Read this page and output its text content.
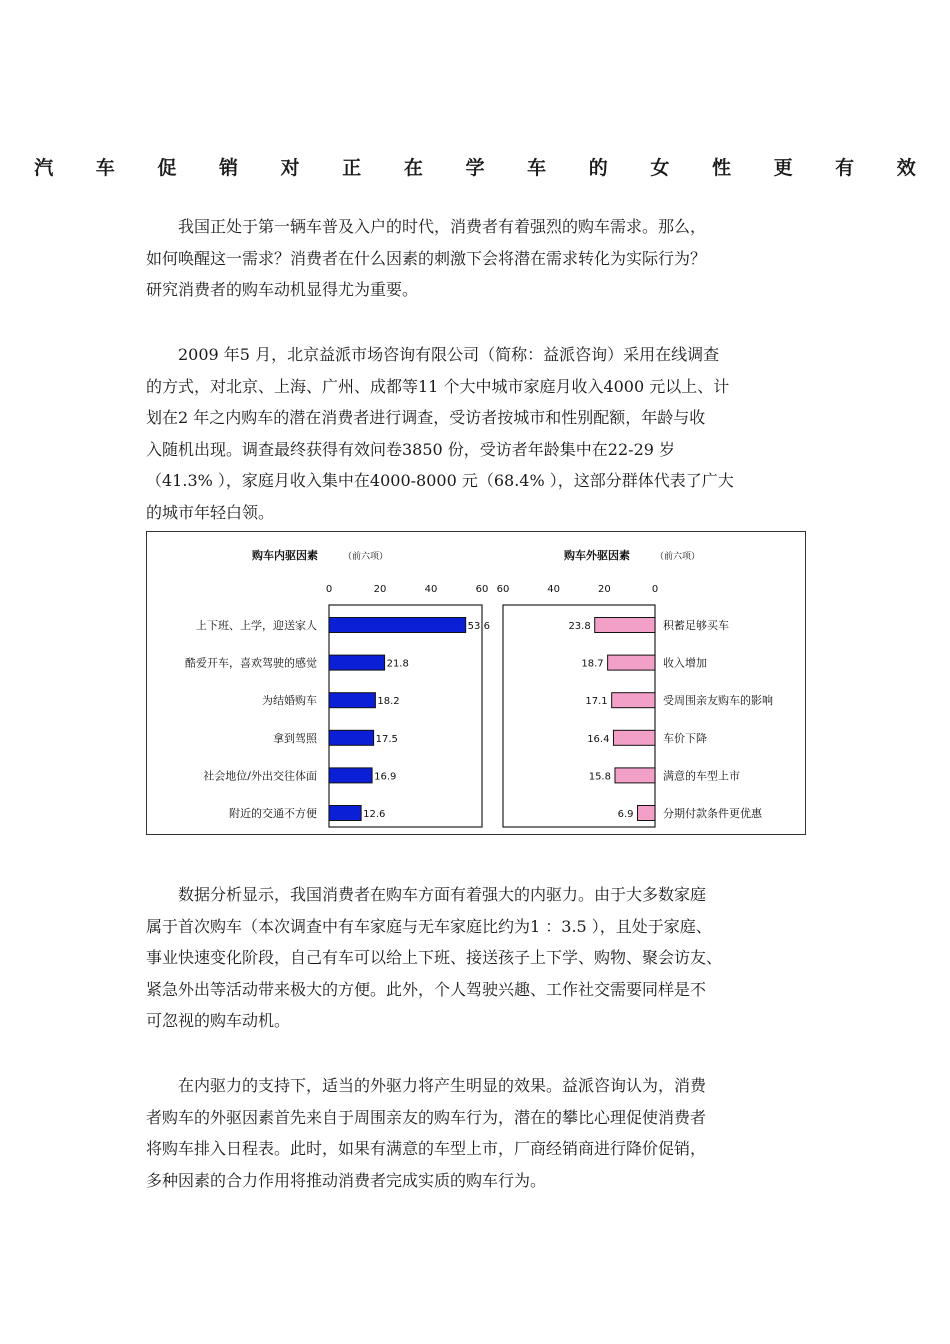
汽 车 促 销 对 正 在 学 车 的 女 性 更 有 效
　　我国正处于第一辆车普及入户的时代，消费者有着强烈的购车需求。那么，
如何唤醒这一需求？消费者在什么因素的刺激下会将潜在需求转化为实际行为？
研究消费者的购车动机显得尤为重要。
　　2009 年5 月，北京益派市场咨询有限公司（简称：益派咨询）采用在线调查
的方式，对北京、上海、广州、成都等11 个大中城市家庭月收入4000 元以上、计
划在2 年之内购车的潜在消费者进行调查，受访者按城市和性别配额，年龄与收
入随机出现。调查最终获得有效问卷3850 份，受访者年龄集中在22-29 岁
（41.3% ），家庭月收入集中在4000-8000 元（68.4% ），这部分群体代表了广大
的城市年轻白领。
购车内驱因素	（前六项）
0	20	40	60
53.6
上下班、上学，迎送家人
21.8
酷爱开车，喜欢驾驶的感觉
18.2
为结婚购车
17.5
拿到驾照
16.9
社会地位/外出交往体面
12.6
附近的交通不方便
购车外驱因素	（前六项）
60	40	20	0
23.8	积蓄足够买车
18.7	收入增加
17.1	受周围亲友购车的影响
16.4	车价下降
15.8	满意的车型上市
6.9	分期付款条件更优惠
　　数据分析显示，我国消费者在购车方面有着强大的内驱力。由于大多数家庭
属于首次购车（本次调查中有车家庭与无车家庭比约为1 ：3.5 ），且处于家庭、
事业快速变化阶段，自己有车可以给上下班、接送孩子上下学、购物、聚会访友、
紧急外出等活动带来极大的方便。此外，个人驾驶兴趣、工作社交需要同样是不
可忽视的购车动机。
　　在内驱力的支持下，适当的外驱力将产生明显的效果。益派咨询认为，消费
者购车的外驱因素首先来自于周围亲友的购车行为，潜在的攀比心理促使消费者
将购车排入日程表。此时，如果有满意的车型上市，厂商经销商进行降价促销，
多种因素的合力作用将推动消费者完成实质的购车行为。
